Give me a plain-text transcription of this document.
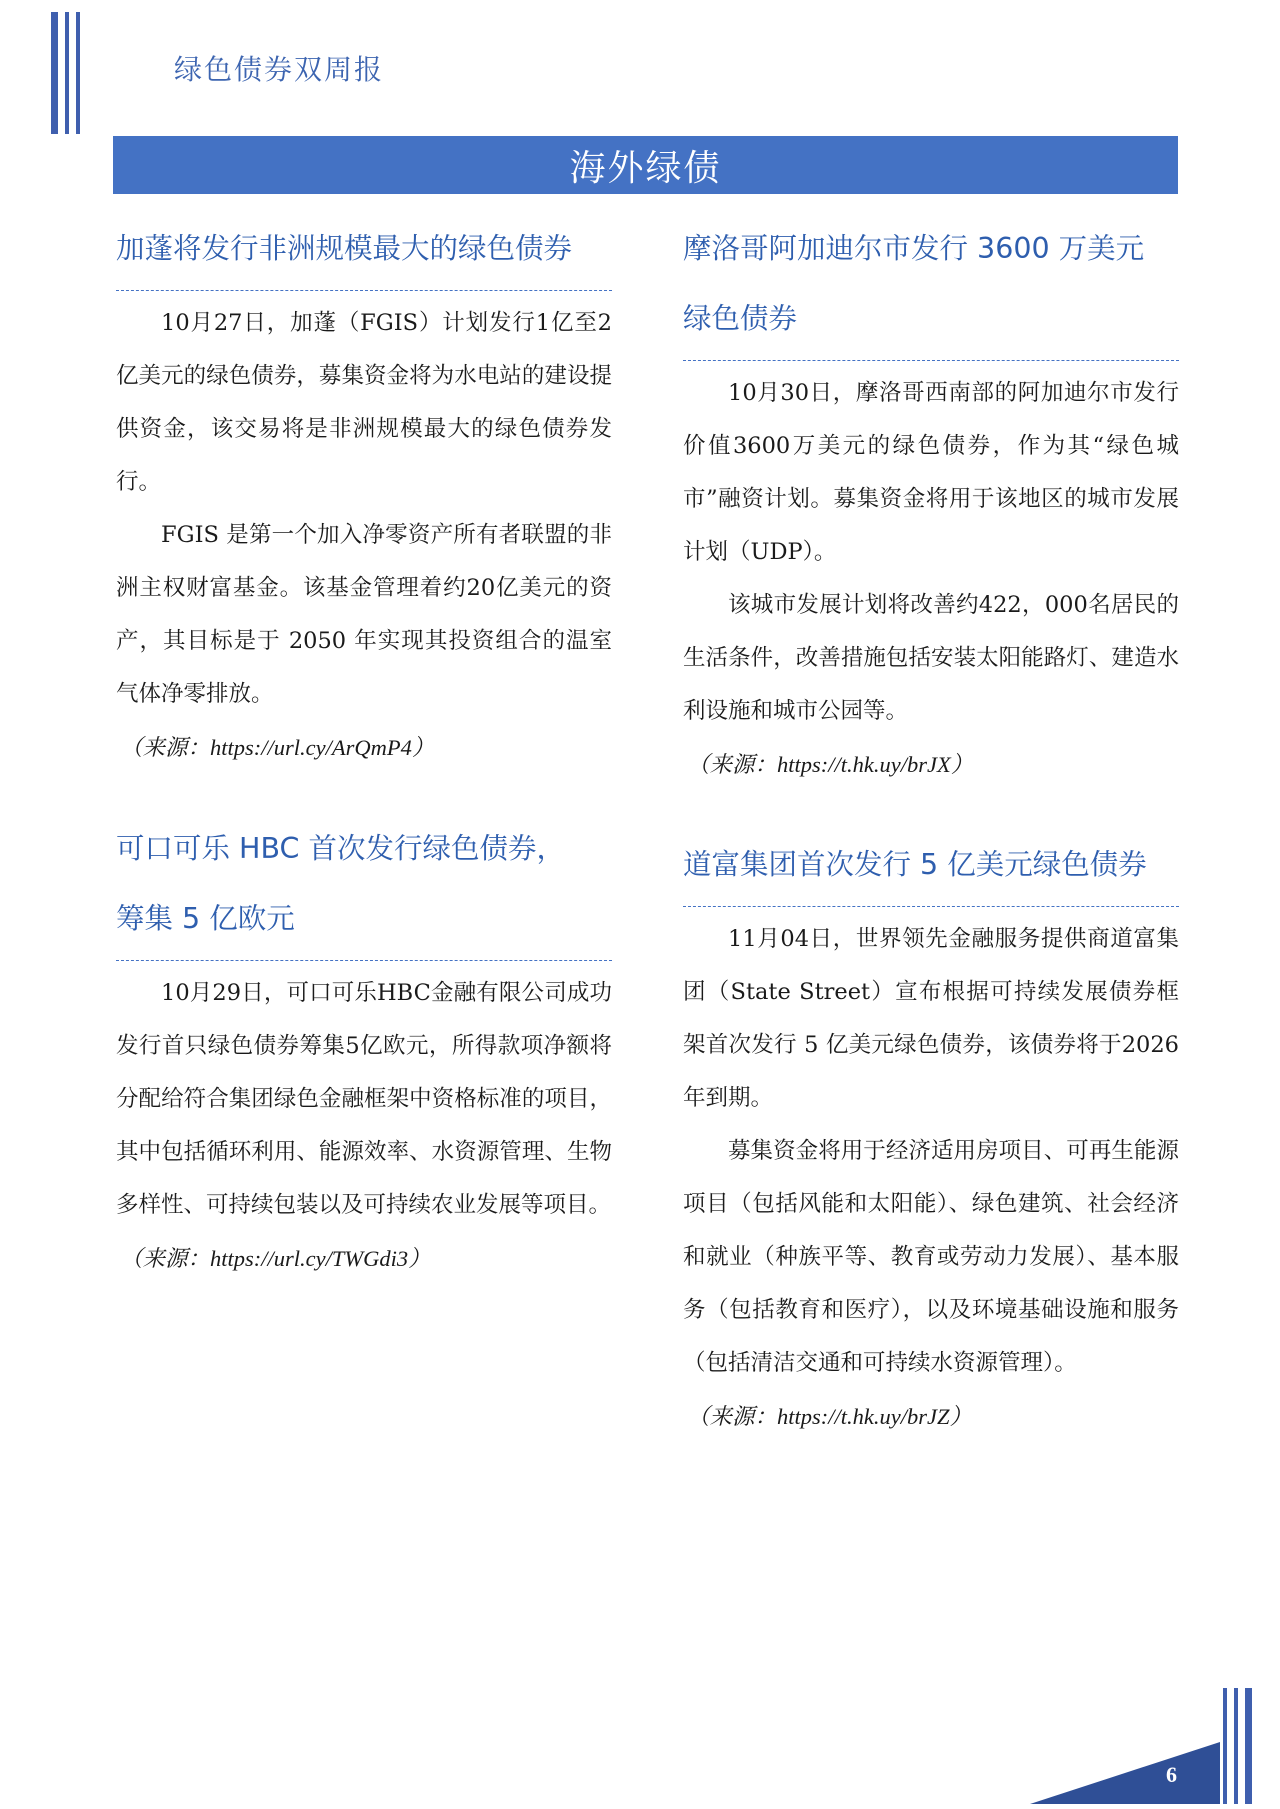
绿色债券双周报
海外绿债
加蓬将发行非洲规模最大的绿色债券

10月27日，加蓬（FGIS）计划发行1亿至2亿美元的绿色债券，募集资金将为水电站的建设提供资金，该交易将是非洲规模最大的绿色债券发行。

FGIS 是第一个加入净零资产所有者联盟的非洲主权财富基金。该基金管理着约20亿美元的资产，其目标是于 2050 年实现其投资组合的温室气体净零排放。

（来源：https://url.cy/ArQmP4）

可口可乐 HBC 首次发行绿色债券，
筹集 5 亿欧元

10月29日，可口可乐HBC金融有限公司成功发行首只绿色债券筹集5亿欧元，所得款项净额将分配给符合集团绿色金融框架中资格标准的项目，其中包括循环利用、能源效率、水资源管理、生物多样性、可持续包装以及可持续农业发展等项目。

（来源：https://url.cy/TWGdi3）

摩洛哥阿加迪尔市发行 3600 万美元
绿色债券

10月30日，摩洛哥西南部的阿加迪尔市发行价值3600万美元的绿色债券，作为其“绿色城市”融资计划。募集资金将用于该地区的城市发展计划（UDP）。

该城市发展计划将改善约422，000名居民的生活条件，改善措施包括安装太阳能路灯、建造水利设施和城市公园等。

（来源：https://t.hk.uy/brJX）

道富集团首次发行 5 亿美元绿色债券

11月04日，世界领先金融服务提供商道富集团（State Street）宣布根据可持续发展债券框架首次发行 5 亿美元绿色债券，该债券将于2026年到期。

募集资金将用于经济适用房项目、可再生能源项目（包括风能和太阳能）、绿色建筑、社会经济和就业（种族平等、教育或劳动力发展）、基本服务（包括教育和医疗），以及环境基础设施和服务（包括清洁交通和可持续水资源管理）。

（来源：https://t.hk.uy/brJZ）

6
